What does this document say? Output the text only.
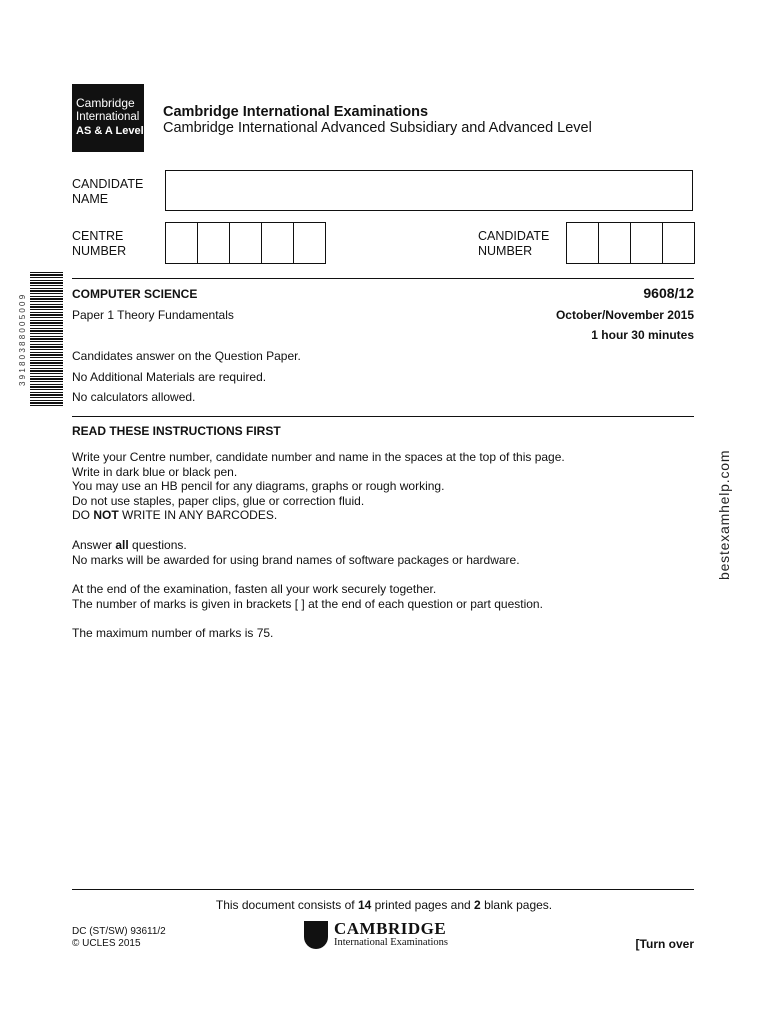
Cambridge
International
AS & A Level
Cambridge International Examinations
Cambridge International Advanced Subsidiary and Advanced Level
CANDIDATE
NAME
CENTRE
NUMBER
CANDIDATE
NUMBER
3 9 1 8 0 3 8 8 0 0 5 0 0 9
COMPUTER SCIENCE	9608/12
Paper 1 Theory Fundamentals	October/November 2015
1 hour 30 minutes
Candidates answer on the Question Paper.
No Additional Materials are required.
No calculators allowed.
READ THESE INSTRUCTIONS FIRST
Write your Centre number, candidate number and name in the spaces at the top of this page.
Write in dark blue or black pen.
You may use an HB pencil for any diagrams, graphs or rough working.
Do not use staples, paper clips, glue or correction fluid.
DO NOT WRITE IN ANY BARCODES.
Answer all questions.
No marks will be awarded for using brand names of software packages or hardware.
At the end of the examination, fasten all your work securely together.
The number of marks is given in brackets [ ] at the end of each question or part question.
The maximum number of marks is 75.
bestexamhelp.com
This document consists of 14 printed pages and 2 blank pages.
DC (ST/SW) 93611/2
© UCLES 2015
CAMBRIDGE
International Examinations	[Turn over
